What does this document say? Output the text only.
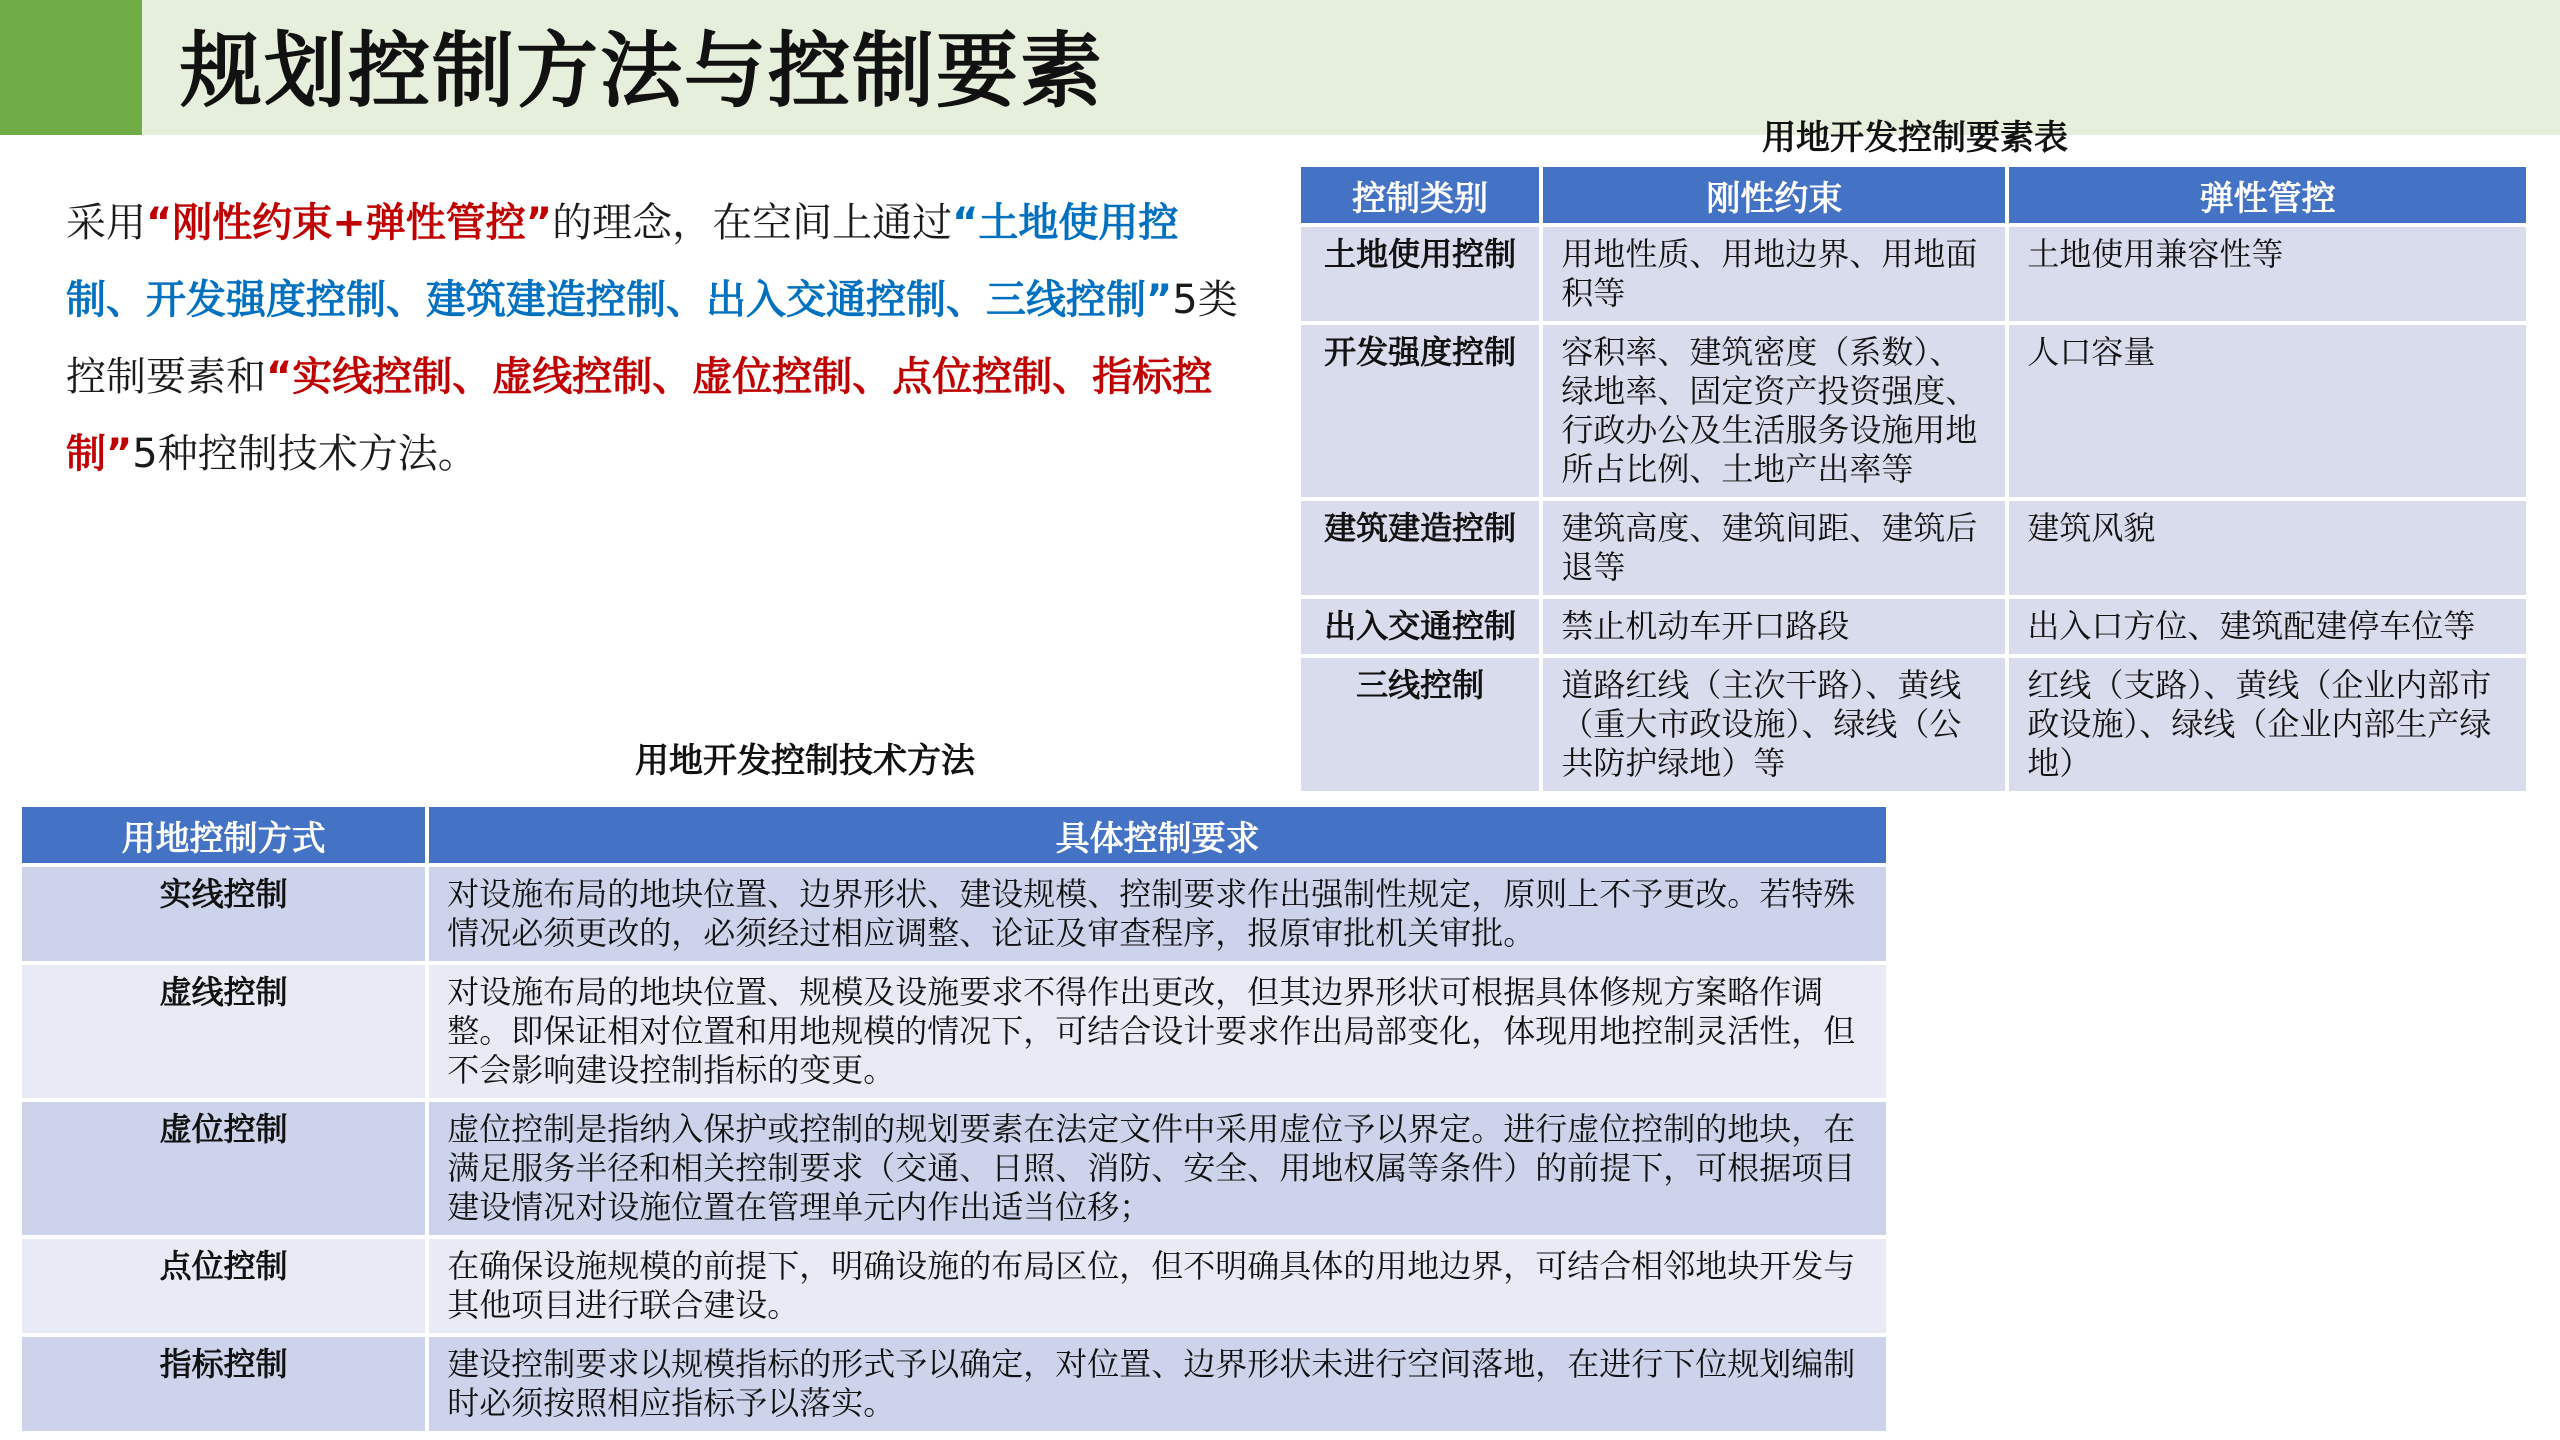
规划控制方法与控制要素

采用“刚性约束+弹性管控”的理念，在空间上通过“土地使用控制、开发强度控制、建筑建造控制、出入交通控制、三线控制”5类控制要素和“实线控制、虚线控制、虚位控制、点位控制、指标控制”5种控制技术方法。

用地开发控制要素表
控制类别	刚性约束	弹性管控
土地使用控制	用地性质、用地边界、用地面积等	土地使用兼容性等
开发强度控制	容积率、建筑密度（系数）、绿地率、固定资产投资强度、行政办公及生活服务设施用地所占比例、土地产出率等	人口容量
建筑建造控制	建筑高度、建筑间距、建筑后退等	建筑风貌
出入交通控制	禁止机动车开口路段	出入口方位、建筑配建停车位等
三线控制	道路红线（主次干路）、黄线（重大市政设施）、绿线（公共防护绿地）等	红线（支路）、黄线（企业内部市政设施）、绿线（企业内部生产绿地）
用地开发控制技术方法
用地控制方式	具体控制要求
实线控制	对设施布局的地块位置、边界形状、建设规模、控制要求作出强制性规定，原则上不予更改。若特殊情况必须更改的，必须经过相应调整、论证及审查程序，报原审批机关审批。
虚线控制	对设施布局的地块位置、规模及设施要求不得作出更改，但其边界形状可根据具体修规方案略作调整。即保证相对位置和用地规模的情况下，可结合设计要求作出局部变化，体现用地控制灵活性，但不会影响建设控制指标的变更。
虚位控制	虚位控制是指纳入保护或控制的规划要素在法定文件中采用虚位予以界定。进行虚位控制的地块，在满足服务半径和相关控制要求（交通、日照、消防、安全、用地权属等条件）的前提下，可根据项目建设情况对设施位置在管理单元内作出适当位移；
点位控制	在确保设施规模的前提下，明确设施的布局区位，但不明确具体的用地边界，可结合相邻地块开发与其他项目进行联合建设。
指标控制	建设控制要求以规模指标的形式予以确定，对位置、边界形状未进行空间落地，在进行下位规划编制时必须按照相应指标予以落实。
